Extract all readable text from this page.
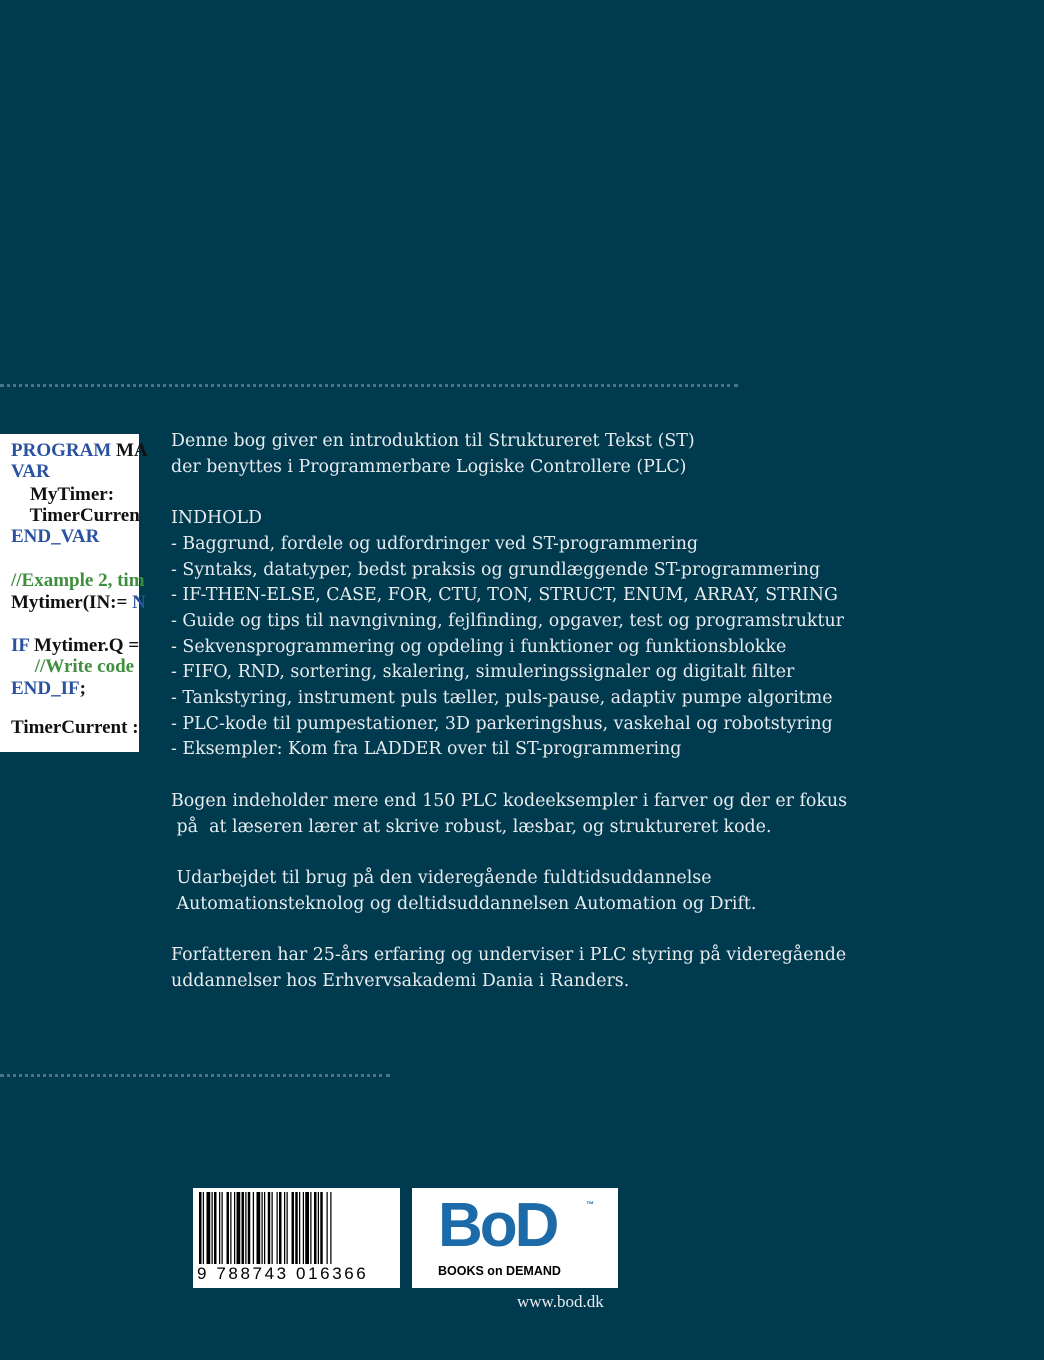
PROGRAM MA

VAR

MyTimer:

TimerCurren

END_VAR

//Example 2, tim

Mytimer(IN:= N

IF Mytimer.Q =

//Write code

END_IF;

TimerCurrent :

Denne bog giver en introduktion til Struktureret Tekst (ST)

der benyttes i Programmerbare Logiske Controllere (PLC)

INDHOLD

- Baggrund, fordele og udfordringer ved ST-programmering

- Syntaks, datatyper, bedst praksis og grundlæggende ST-programmering

- IF-THEN-ELSE, CASE, FOR, CTU, TON, STRUCT, ENUM, ARRAY, STRING

- Guide og tips til navngivning, fejlfinding, opgaver, test og programstruktur

- Sekvensprogrammering og opdeling i funktioner og funktionsblokke

- FIFO, RND, sortering, skalering, simuleringssignaler og digitalt filter

- Tankstyring, instrument puls tæller, puls-pause, adaptiv pumpe algoritme

- PLC-kode til pumpestationer, 3D parkeringshus, vaskehal og robotstyring

- Eksempler: Kom fra LADDER over til ST-programmering

Bogen indeholder mere end 150 PLC kodeeksempler i farver og der er fokus

på  at læseren lærer at skrive robust, læsbar, og struktureret kode.

Udarbejdet til brug på den videregående fuldtidsuddannelse

Automationsteknolog og deltidsuddannelsen Automation og Drift.

Forfatteren har 25-års erfaring og underviser i PLC styring på videregående

uddannelser hos Erhvervsakademi Dania i Randers.

9 788743 016366
BoD	™
BOOKS on DEMAND
www.bod.dk
